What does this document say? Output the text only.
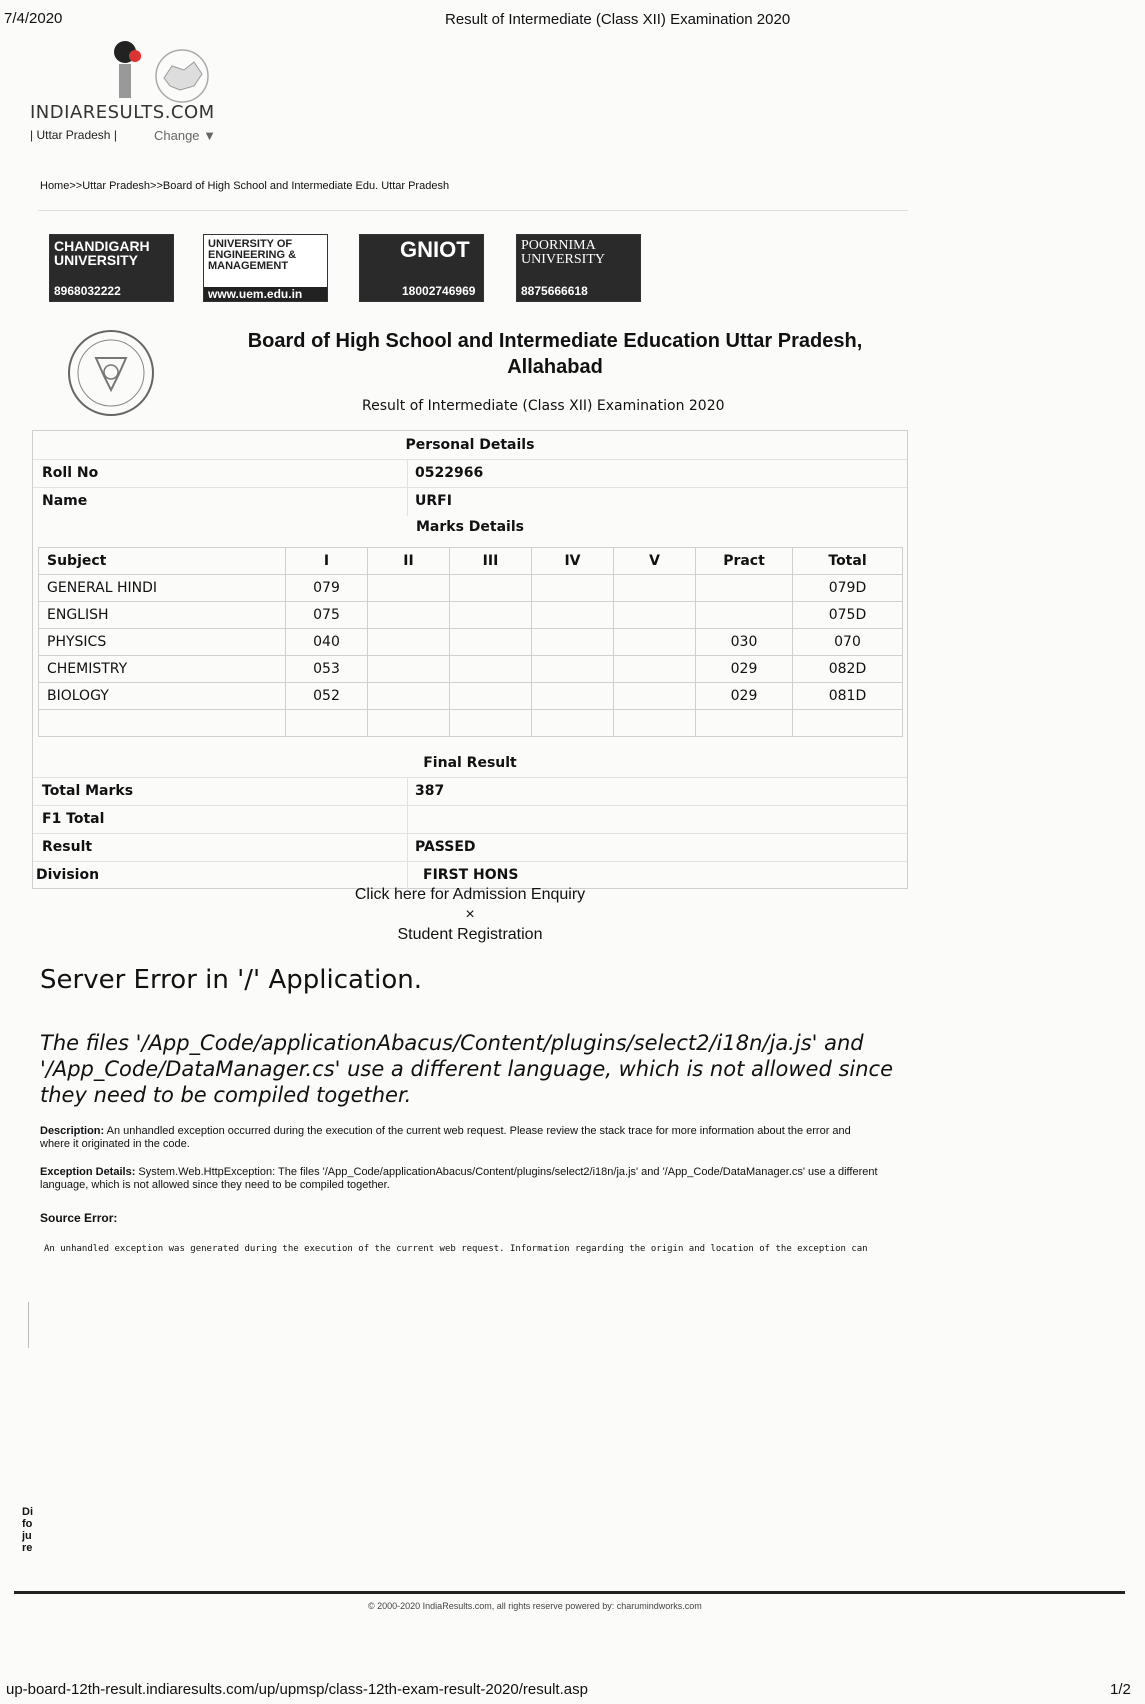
7/4/2020	Result of Intermediate (Class XII) Examination 2020
INDIARESULTS.COM
| Uttar Pradesh |	Change ▼
Home>>Uttar Pradesh>>Board of High School and Intermediate Edu. Uttar Pradesh
CHANDIGARH UNIVERSITY
8968032222
UNIVERSITY OF ENGINEERING & MANAGEMENT
www.uem.edu.in
GNIOT
18002746969
POORNIMA UNIVERSITY
8875666618
Board of High School and Intermediate Education Uttar Pradesh, Allahabad
Result of Intermediate (Class XII) Examination 2020
Personal Details
Roll No	0522966
Name	URFI
Marks Details
Subject	I	II	III	IV	V	Pract	Total
GENERAL HINDI	079						079D
ENGLISH	075						075D
PHYSICS	040					030	070
CHEMISTRY	053					029	082D
BIOLOGY	052					029	081D

Final Result
Total Marks	387
F1 Total
Result	PASSED
Division	FIRST HONS
Click here for Admission Enquiry
×
Student Registration
Server Error in '/' Application.
The files '/App_Code/applicationAbacus/Content/plugins/select2/i18n/ja.js' and '/App_Code/DataManager.cs' use a different language, which is not allowed since they need to be compiled together.
Description: An unhandled exception occurred during the execution of the current web request. Please review the stack trace for more information about the error and where it originated in the code.
Exception Details: System.Web.HttpException: The files '/App_Code/applicationAbacus/Content/plugins/select2/i18n/ja.js' and '/App_Code/DataManager.cs' use a different language, which is not allowed since they need to be compiled together.
Source Error:
An unhandled exception was generated during the execution of the current web request. Information regarding the origin and location of the exception can
Di
fo
ju
re
© 2000-2020 IndiaResults.com, all rights reserve powered by: charumindworks.com
up-board-12th-result.indiaresults.com/up/upmsp/class-12th-exam-result-2020/result.asp	1/2
